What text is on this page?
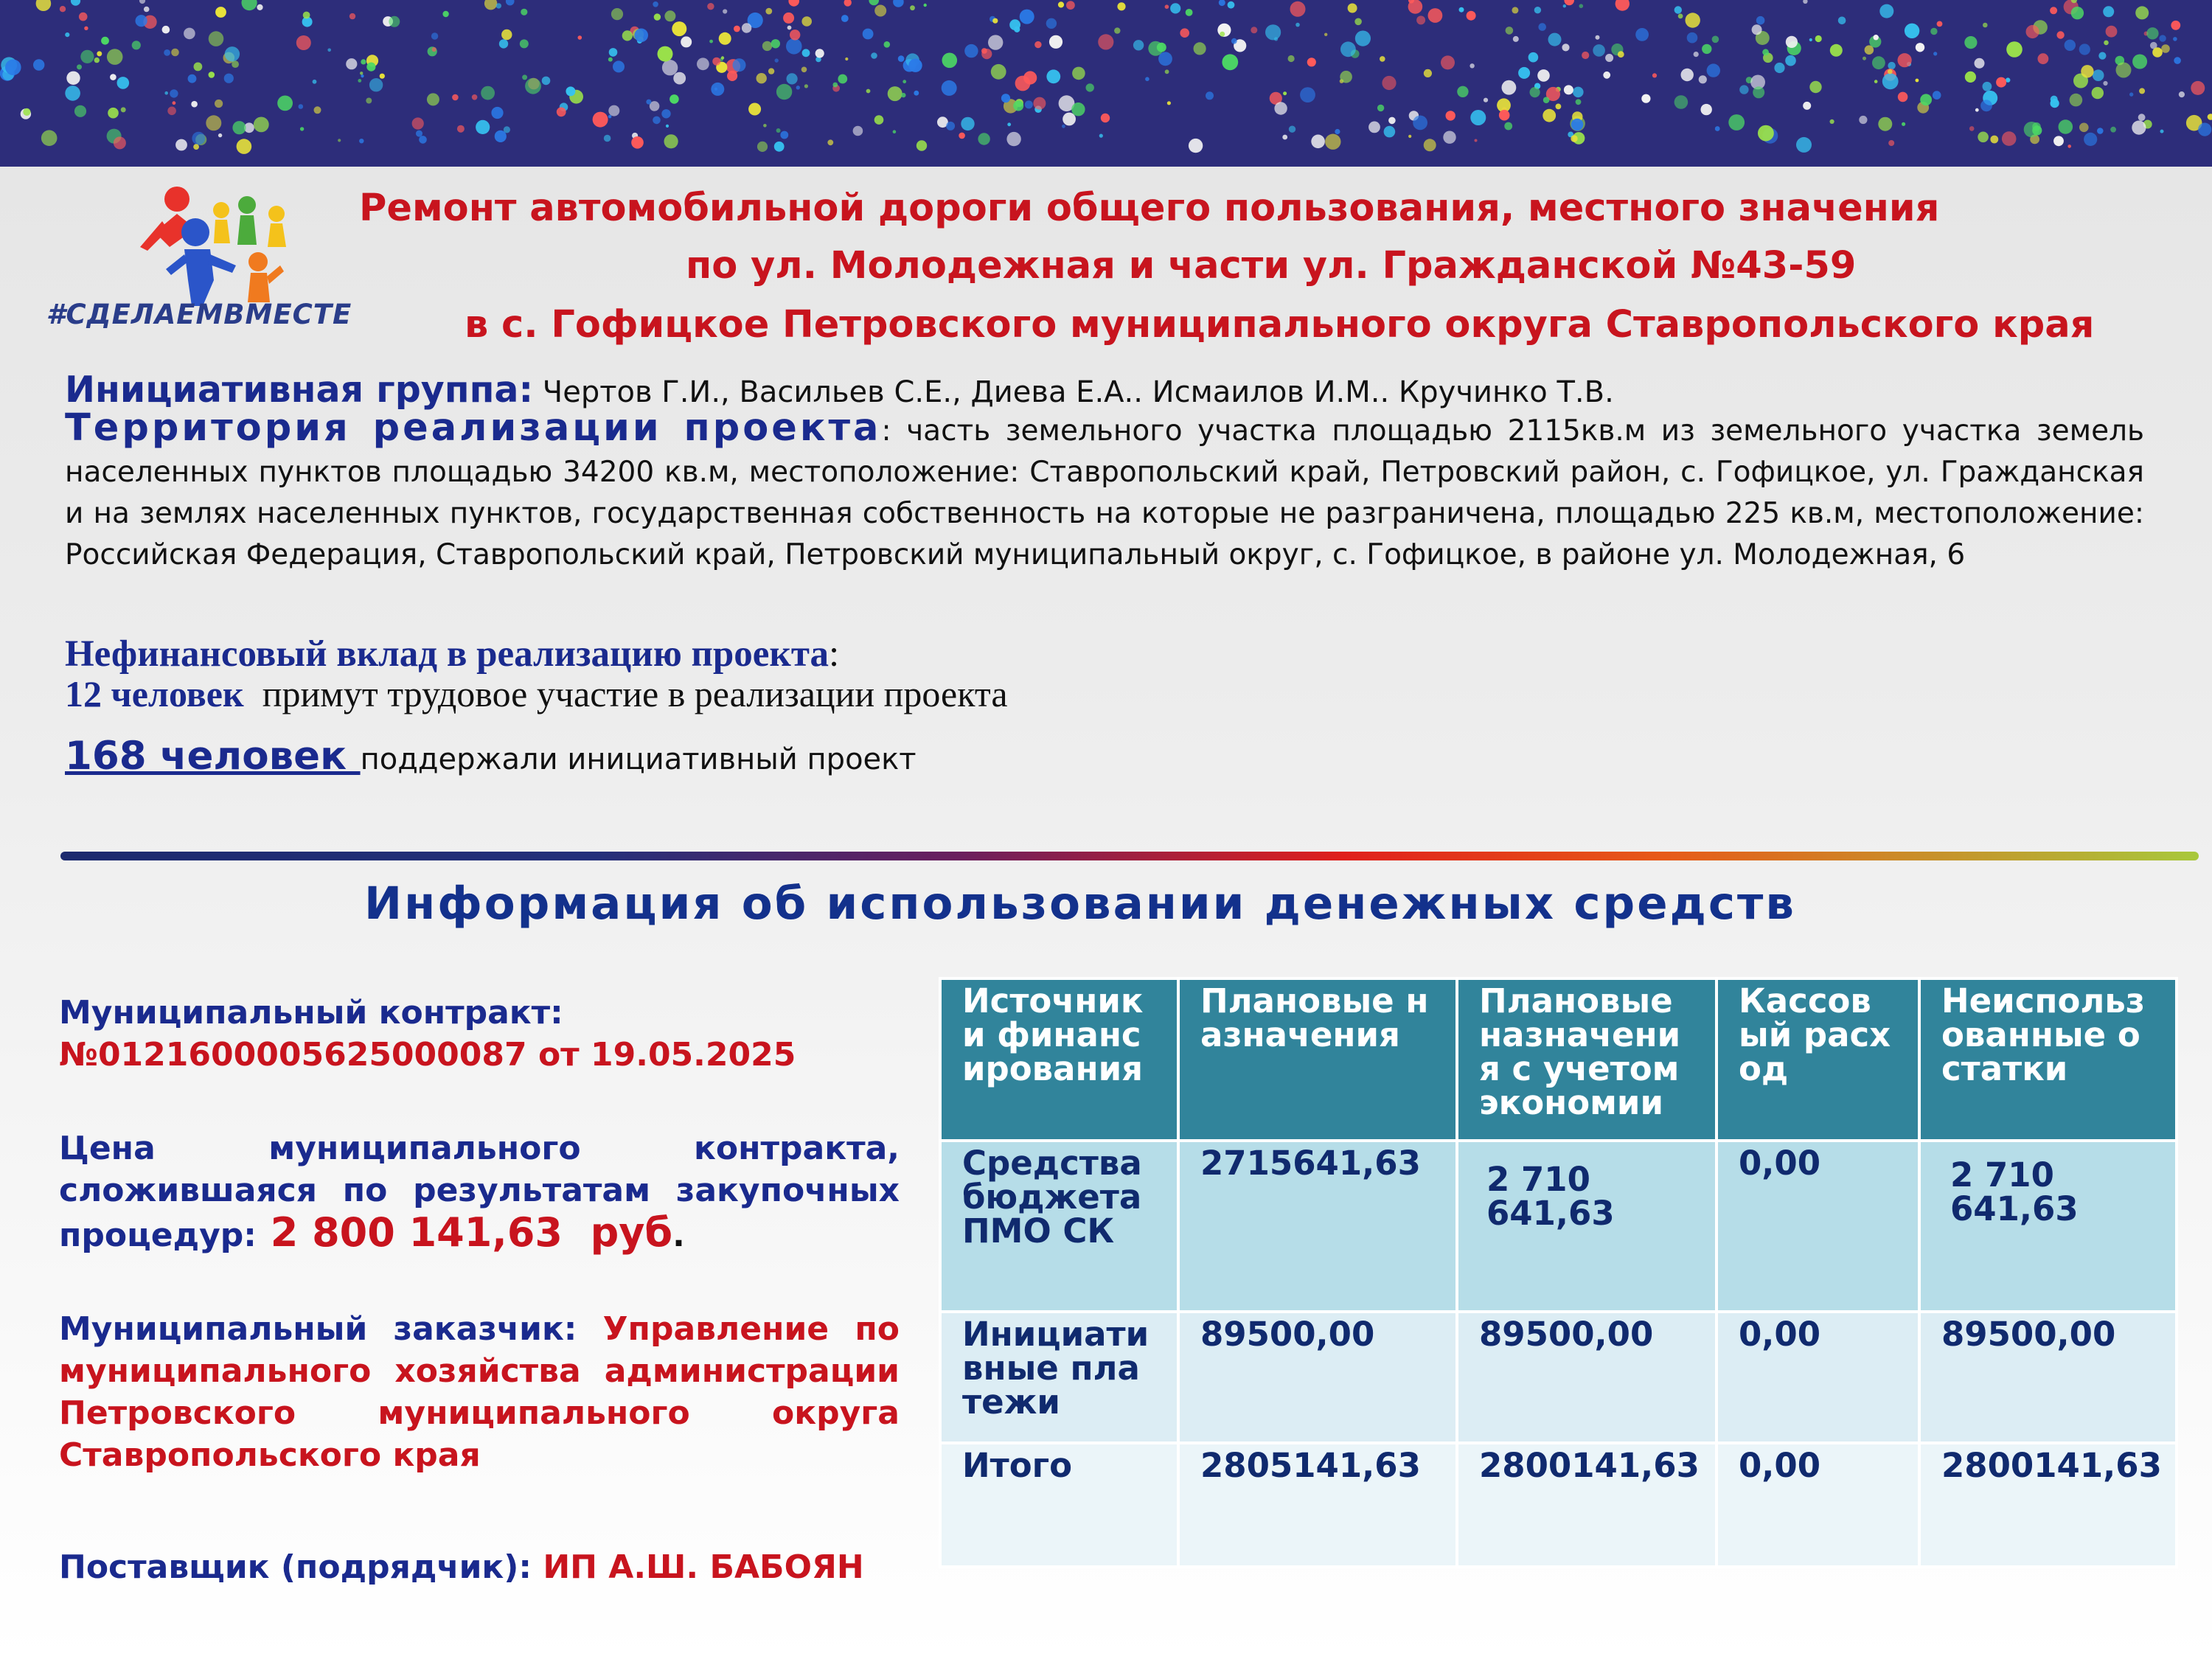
#СДЕЛАЕМВМЕСТЕ
Ремонт автомобильной дороги общего пользования, местного значения
по ул. Молодежная и части ул. Гражданской №43-59
в с. Гофицкое Петровского муниципального округа Ставропольского края
Инициативная группа: Чертов Г.И., Васильев С.Е., Диева Е.А.. Исмаилов И.М.. Кручинко Т.В.
Территория реализации проекта: часть земельного участка площадью 2115кв.м из земельного участка земель населенных пунктов площадью 34200 кв.м, местоположение: Ставропольский край, Петровский район, с. Гофицкое, ул. Гражданская и на землях населенных пунктов, государственная собственность на которые не разграничена, площадью 225 кв.м, местоположение: Российская Федерация, Ставропольский край, Петровский муниципальный округ, с. Гофицкое, в районе ул. Молодежная, 6
Нефинансовый вклад в реализацию проекта:
12 человек  примут трудовое участие в реализации проекта
168 человек поддержали инициативный проект
Информация об использовании денежных средств

Муниципальный контракт:
№0121600005625000087 от 19.05.2025

Цена муниципального контракта, сложившаяся по результатам закупочных процедур: 2 800 141,63  руб.

Муниципальный заказчик: Управление по муниципального хозяйства администрации Петровского муниципального округа Ставропольского края

Поставщик (подрядчик): ИП А.Ш. БАБОЯН

Источник и финансирования	Плановые назначения	Плановые назначения с учетом экономии	Кассовый расход	Неиспользованные остатки
Средства бюджета ПМО СК	2715641,63	2 710 641,63	0,00	2 710 641,63
Инициативные платежи	89500,00	89500,00	0,00	89500,00
Итого	2805141,63	2800141,63	0,00	2800141,63
